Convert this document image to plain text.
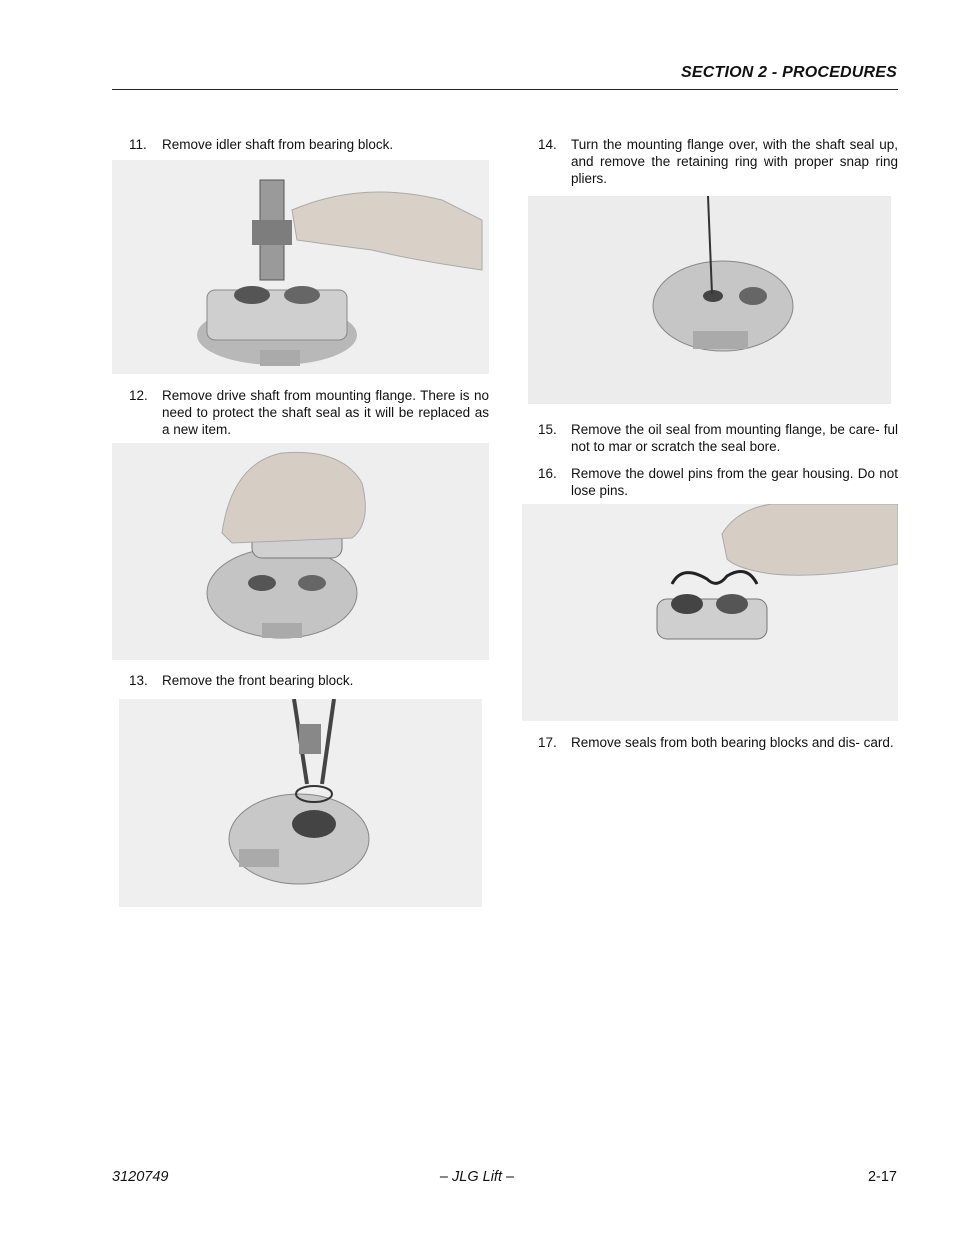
SECTION 2 - PROCEDURES
11. Remove idler shaft from bearing block.
12. Remove drive shaft from mounting flange. There is no need to protect the shaft seal as it will be replaced as a new item.
13. Remove the front bearing block.
14. Turn the mounting flange over, with the shaft seal up, and remove the retaining ring with proper snap ring pliers.
15. Remove the oil seal from mounting flange, be care- ful not to mar or scratch the seal bore.
16. Remove the dowel pins from the gear housing. Do not lose pins.
17. Remove seals from both bearing blocks and dis- card.
3120749	– JLG Lift –	2-17
